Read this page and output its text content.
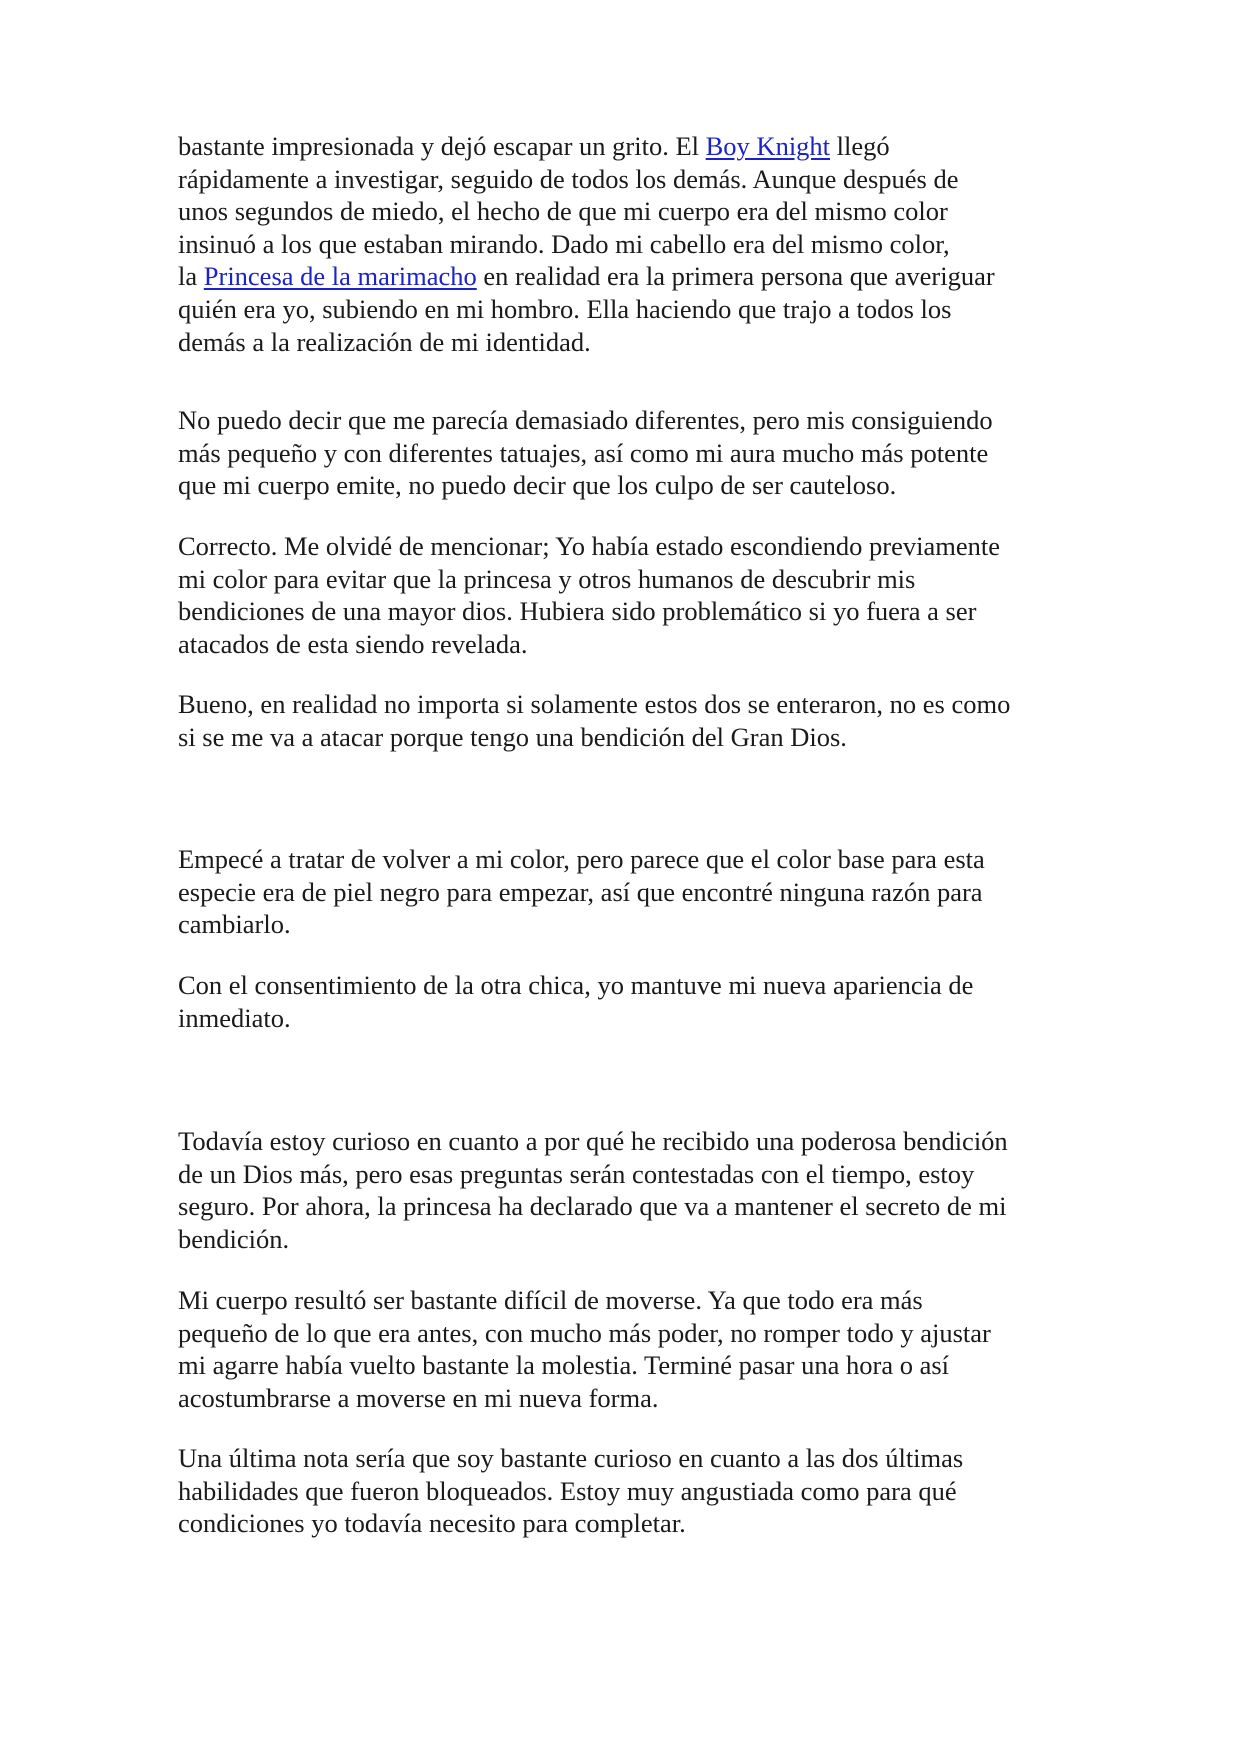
bastante impresionada y dejó escapar un grito. El Boy Knight llegó
rápidamente a investigar, seguido de todos los demás. Aunque después de
unos segundos de miedo, el hecho de que mi cuerpo era del mismo color
insinuó a los que estaban mirando. Dado mi cabello era del mismo color,
la Princesa de la marimacho en realidad era la primera persona que averiguar
quién era yo, subiendo en mi hombro. Ella haciendo que trajo a todos los
demás a la realización de mi identidad.

No puedo decir que me parecía demasiado diferentes, pero mis consiguiendo
más pequeño y con diferentes tatuajes, así como mi aura mucho más potente
que mi cuerpo emite, no puedo decir que los culpo de ser cauteloso.

Correcto. Me olvidé de mencionar; Yo había estado escondiendo previamente
mi color para evitar que la princesa y otros humanos de descubrir mis
bendiciones de una mayor dios. Hubiera sido problemático si yo fuera a ser
atacados de esta siendo revelada.

Bueno, en realidad no importa si solamente estos dos se enteraron, no es como
si se me va a atacar porque tengo una bendición del Gran Dios.

Empecé a tratar de volver a mi color, pero parece que el color base para esta
especie era de piel negro para empezar, así que encontré ninguna razón para
cambiarlo.

Con el consentimiento de la otra chica, yo mantuve mi nueva apariencia de
inmediato.

Todavía estoy curioso en cuanto a por qué he recibido una poderosa bendición
de un Dios más, pero esas preguntas serán contestadas con el tiempo, estoy
seguro. Por ahora, la princesa ha declarado que va a mantener el secreto de mi
bendición.

Mi cuerpo resultó ser bastante difícil de moverse. Ya que todo era más
pequeño de lo que era antes, con mucho más poder, no romper todo y ajustar
mi agarre había vuelto bastante la molestia. Terminé pasar una hora o así
acostumbrarse a moverse en mi nueva forma.

Una última nota sería que soy bastante curioso en cuanto a las dos últimas
habilidades que fueron bloqueados. Estoy muy angustiada como para qué
condiciones yo todavía necesito para completar.
